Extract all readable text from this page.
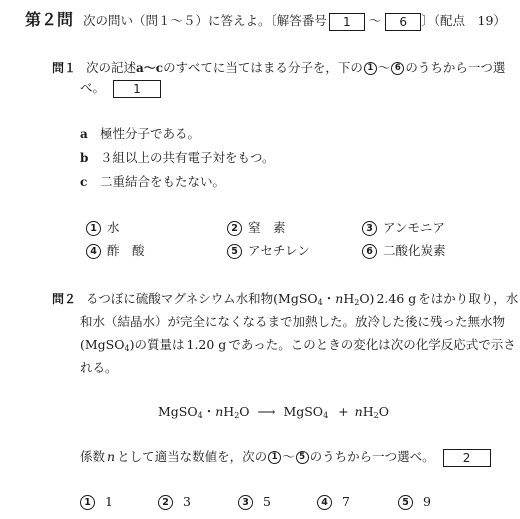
第２問 次の問い（問１～５）に答えよ。〔解答番号 1 ～ 6 〕（配点　19）
問１ 次の記述a～cのすべてに当てはまる分子を，下の 1 ～ 6 のうちから一つ選
べ。 1
a 極性分子である。
b ３組以上の共有電子対をもつ。
c 二重結合をもたない。
1 水	2 窒　素	3 アンモニア
4 酢　酸	5 アセチレン	6 二酸化炭素
問２ るつぼに硫酸マグネシウム水和物(MgSO$_4$・$nH_2O$) 2.46 g をはかり取り，水
和水（結晶水）が完全になくなるまで加熱した。放冷した後に残った無水物
(MgSO$_4$)の質量は 1.20 g であった。このときの変化は次の化学反応式で示さ
れる。
MgSO$_4$・$nH_2O$ ⟶ MgSO$_4$ + $nH_2O$
係数 n として適当な数値を，次の 1 ～ 5 のうちから一つ選べ。 2
1 1	2 3	3 5	4 7	5 9
